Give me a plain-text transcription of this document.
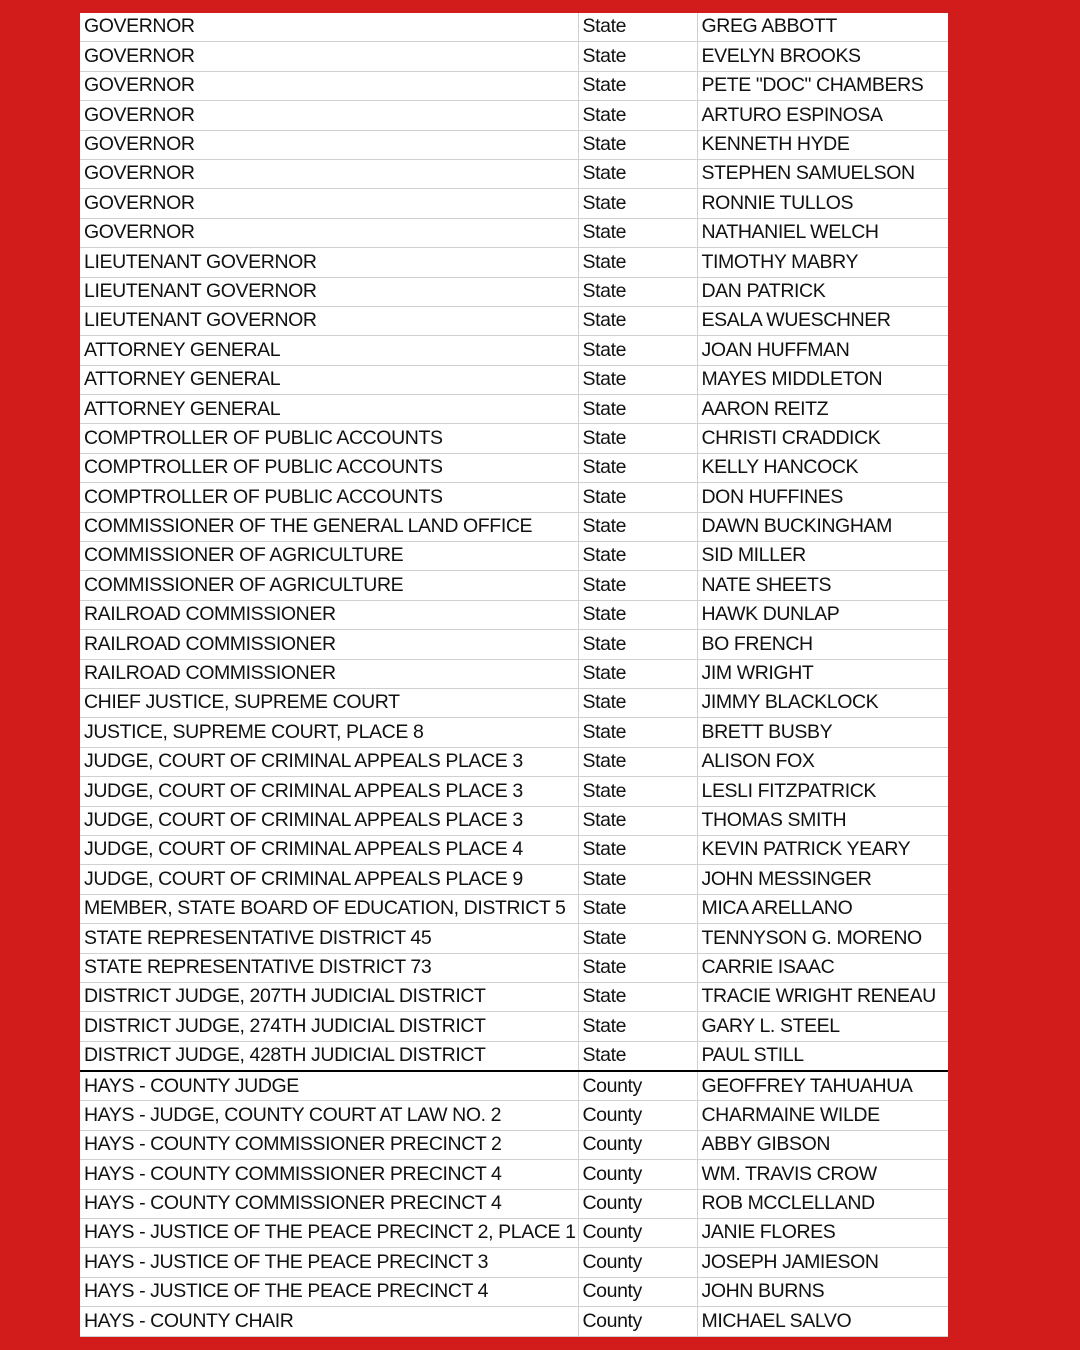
GOVERNOR	State	GREG ABBOTT
GOVERNOR	State	EVELYN BROOKS
GOVERNOR	State	PETE "DOC" CHAMBERS
GOVERNOR	State	ARTURO ESPINOSA
GOVERNOR	State	KENNETH HYDE
GOVERNOR	State	STEPHEN SAMUELSON
GOVERNOR	State	RONNIE TULLOS
GOVERNOR	State	NATHANIEL WELCH
LIEUTENANT GOVERNOR	State	TIMOTHY MABRY
LIEUTENANT GOVERNOR	State	DAN PATRICK
LIEUTENANT GOVERNOR	State	ESALA WUESCHNER
ATTORNEY GENERAL	State	JOAN HUFFMAN
ATTORNEY GENERAL	State	MAYES MIDDLETON
ATTORNEY GENERAL	State	AARON REITZ
COMPTROLLER OF PUBLIC ACCOUNTS	State	CHRISTI CRADDICK
COMPTROLLER OF PUBLIC ACCOUNTS	State	KELLY HANCOCK
COMPTROLLER OF PUBLIC ACCOUNTS	State	DON HUFFINES
COMMISSIONER OF THE GENERAL LAND OFFICE	State	DAWN BUCKINGHAM
COMMISSIONER OF AGRICULTURE	State	SID MILLER
COMMISSIONER OF AGRICULTURE	State	NATE SHEETS
RAILROAD COMMISSIONER	State	HAWK DUNLAP
RAILROAD COMMISSIONER	State	BO FRENCH
RAILROAD COMMISSIONER	State	JIM WRIGHT
CHIEF JUSTICE, SUPREME COURT	State	JIMMY BLACKLOCK
JUSTICE, SUPREME COURT, PLACE 8	State	BRETT BUSBY
JUDGE, COURT OF CRIMINAL APPEALS PLACE 3	State	ALISON FOX
JUDGE, COURT OF CRIMINAL APPEALS PLACE 3	State	LESLI FITZPATRICK
JUDGE, COURT OF CRIMINAL APPEALS PLACE 3	State	THOMAS SMITH
JUDGE, COURT OF CRIMINAL APPEALS PLACE 4	State	KEVIN PATRICK YEARY
JUDGE, COURT OF CRIMINAL APPEALS PLACE 9	State	JOHN MESSINGER
MEMBER, STATE BOARD OF EDUCATION, DISTRICT 5	State	MICA ARELLANO
STATE REPRESENTATIVE DISTRICT 45	State	TENNYSON G. MORENO
STATE REPRESENTATIVE DISTRICT 73	State	CARRIE ISAAC
DISTRICT JUDGE, 207TH JUDICIAL DISTRICT	State	TRACIE WRIGHT RENEAU
DISTRICT JUDGE, 274TH JUDICIAL DISTRICT	State	GARY L. STEEL
DISTRICT JUDGE, 428TH JUDICIAL DISTRICT	State	PAUL STILL
HAYS - COUNTY JUDGE	County	GEOFFREY TAHUAHUA
HAYS - JUDGE, COUNTY COURT AT LAW NO. 2	County	CHARMAINE WILDE
HAYS - COUNTY COMMISSIONER PRECINCT 2	County	ABBY GIBSON
HAYS - COUNTY COMMISSIONER PRECINCT 4	County	WM. TRAVIS CROW
HAYS - COUNTY COMMISSIONER PRECINCT 4	County	ROB MCCLELLAND
HAYS - JUSTICE OF THE PEACE PRECINCT 2, PLACE 1	County	JANIE FLORES
HAYS - JUSTICE OF THE PEACE PRECINCT 3	County	JOSEPH JAMIESON
HAYS - JUSTICE OF THE PEACE PRECINCT 4	County	JOHN BURNS
HAYS - COUNTY CHAIR	County	MICHAEL SALVO
